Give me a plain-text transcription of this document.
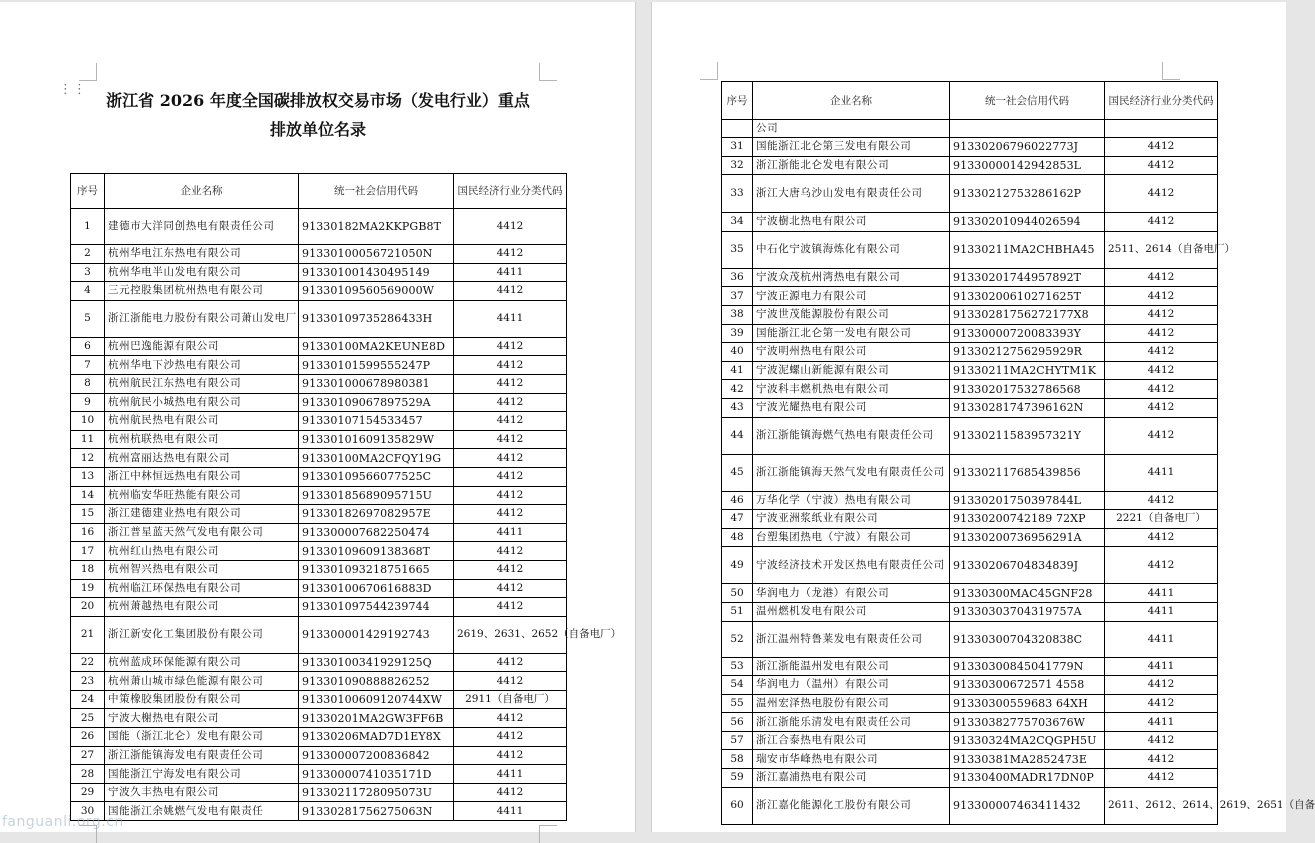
⋮⋮
浙江省 2026 年度全国碳排放权交易市场（发电行业）重点
排放单位名录
序号	企业名称	统一社会信用代码	国民经济行业分类代码
1	建德市大洋同创热电有限责任公司	91330182MA2KKPGB8T	4412
2	杭州华电江东热电有限公司	91330100056721050N	4412
3	杭州华电半山发电有限公司	913301001430495149	4411
4	三元控股集团杭州热电有限公司	91330109560569000W	4412
5	浙江浙能电力股份有限公司萧山发电厂	91330109735286433H	4411
6	杭州巴逸能源有限公司	91330100MA2KEUNE8D	4412
7	杭州华电下沙热电有限公司	91330101599555247P	4412
8	杭州航民江东热电有限公司	913301000678980381	4412
9	杭州航民小城热电有限公司	91330109067897529A	4412
10	杭州航民热电有限公司	91330107154533457	4412
11	杭州杭联热电有限公司	91330101609135829W	4412
12	杭州富丽达热电有限公司	91330100MA2CFQY19G	4412
13	浙江中林恒远热电有限公司	91330109566077525C	4412
14	杭州临安华旺热能有限公司	91330185689095715U	4412
15	浙江建德建业热电有限公司	91330182697082957E	4412
16	浙江普星蓝天然气发电有限公司	913300007682250474	4411
17	杭州红山热电有限公司	91330109609138368T	4412
18	杭州智兴热电有限公司	913301093218751665	4412
19	杭州临江环保热电有限公司	91330100670616883D	4412
20	杭州萧越热电有限公司	913301097544239744	4412
21	浙江新安化工集团股份有限公司	913300001429192743	2619、2631、2652（自备电厂）
22	杭州蓝成环保能源有限公司	91330100341929125Q	4412
23	杭州萧山城市绿色能源有限公司	913301090888826252	4412
24	中策橡胶集团股份有限公司	91330100609120744XW	2911（自备电厂）
25	宁波大榭热电有限公司	91330201MA2GW3FF6B	4412
26	国能（浙江北仑）发电有限公司	91330206MAD7D1EY8X	4412
27	浙江浙能镇海发电有限责任公司	913300007200836842	4412
28	国能浙江宁海发电有限公司	91330000741035171D	4411
29	宁波久丰热电有限公司	91330211728095073U	4412
30	国能浙江余姚燃气发电有限责任	91330281756275063N	4411
fanguanli.org.cn
序号	企业名称	统一社会信用代码	国民经济行业分类代码
	公司		
31	国能浙江北仑第三发电有限公司	91330206796022773J	4412
32	浙江浙能北仑发电有限公司	91330000142942853L	4412
33	浙江大唐乌沙山发电有限责任公司	91330212753286162P	4412
34	宁波樹北热电有限公司	913302010944026594	4412
35	中石化宁波镇海炼化有限公司	91330211MA2CHBHA45	2511、2614（自备电厂）
36	宁波众茂杭州湾热电有限公司	91330201744957892T	4412
37	宁波正源电力有限公司	91330200610271625T	4412
38	宁波世茂能源股份有限公司	91330281756272177X8	4412
39	国能浙江北仑第一发电有限公司	91330000720083393Y	4412
40	宁波明州热电有限公司	91330212756295929R	4412
41	宁波泥螺山新能源有限公司	91330211MA2CHYTM1K	4412
42	宁波科丰燃机热电有限公司	913302017532786568	4412
43	宁波光耀热电有限公司	91330281747396162N	4412
44	浙江浙能镇海燃气热电有限责任公司	91330211583957321Y	4412
45	浙江浙能镇海天然气发电有限责任公司	913302117685439856	4411
46	万华化学（宁波）热电有限公司	91330201750397844L	4412
47	宁波亚洲浆纸业有限公司	91330200742189 72XP	2221（自备电厂）
48	台塑集团热电（宁波）有限公司	91330200736956291A	4412
49	宁波经济技术开发区热电有限责任公司	91330206704834839J	4412
50	华润电力（龙港）有限公司	91330300MAC45GNF28	4411
51	温州燃机发电有限公司	91330303704319757A	4411
52	浙江温州特鲁莱发电有限责任公司	91330300704320838C	4411
53	浙江浙能温州发电有限公司	91330300845041779N	4411
54	华润电力（温州）有限公司	91330300672571 4558	4412
55	温州宏泽热电股份有限公司	91330300559683 64XH	4412
56	浙江浙能乐清发电有限责任公司	91330382775703676W	4411
57	浙江合泰热电有限公司	91330324MA2CQGPH5U	4412
58	瑞安市华峰热电有限公司	91330381MA2852473E	4412
59	浙江嘉浦热电有限公司	91330400MADR17DN0P	4412
60	浙江嘉化能源化工股份有限公司	913300007463411432	2611、2612、2614、2619、2651（自备
